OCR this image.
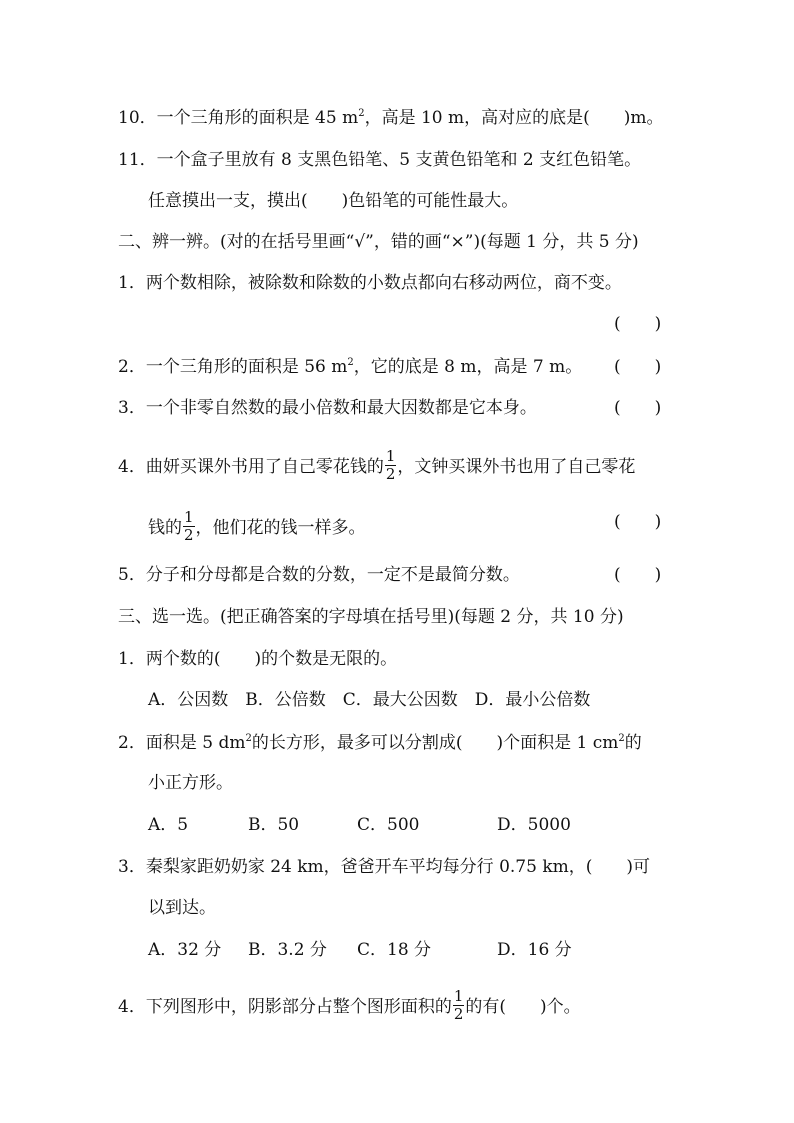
10．一个三角形的面积是 45 $m^2$，高是 10 m，高对应的底是(　　)m。
11．一个盒子里放有 8 支黑色铅笔、5 支黄色铅笔和 2 支红色铅笔。
任意摸出一支，摸出(　　)色铅笔的可能性最大。
二、辨一辨。(对的在括号里画“√”，错的画“×”)(每题 1 分，共 5 分)
1．两个数相除，被除数和除数的小数点都向右移动两位，商不变。
(　　)
2．一个三角形的面积是 56 $m^2$，它的底是 8 m，高是 7 m。 (　　)
3．一个非零自然数的最小倍数和最大因数都是它本身。	(　　)
4．曲妍买课外书用了自己零花钱的 $\frac{1}{2}$ ，文钟买课外书也用了自己零花
钱的 $\frac{1}{2}$ ，他们花的钱一样多。	(　　)
5．分子和分母都是合数的分数，一定不是最简分数。	(　　)
三、选一选。(把正确答案的字母填在括号里)(每题 2 分，共 10 分)
1．两个数的(　　)的个数是无限的。
A．公因数　B．公倍数　C．最大公因数　D．最小公倍数
2．面积是 5 $dm^2$的长方形，最多可以分割成(　　)个面积是 1 $cm^2$的
小正方形。
A．5	B．50	C．500	D．5000
3．秦梨家距奶奶家 24 km，爸爸开车平均每分行 0.75 km，(　　)可
以到达。
A．32 分 B．3.2 分 C．18 分	D．16 分
4．下列图形中，阴影部分占整个图形面积的 $\frac{1}{2}$ 的有(　　)个。
